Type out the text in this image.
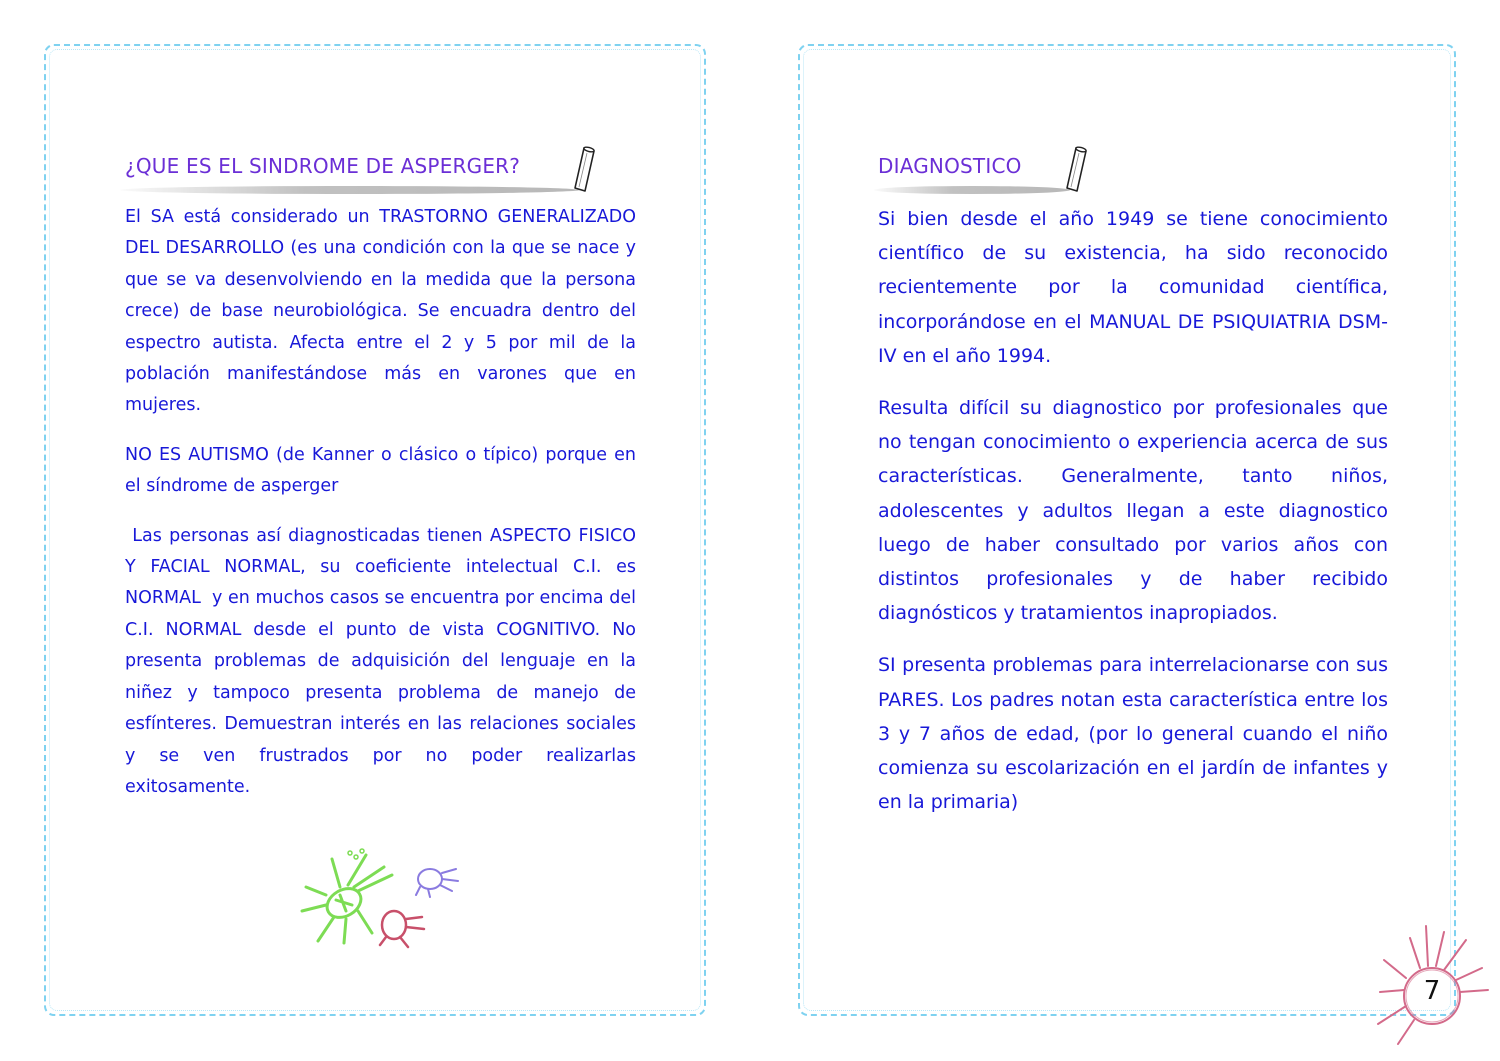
¿QUE ES EL SINDROME DE ASPERGER?	DIAGNOSTICO

El SA está considerado un TRASTORNO GENERALIZADO DEL DESARROLLO (es una condición con la que se nace y que se va desenvolviendo en la medida que la persona crece) de base neurobiológica. Se encuadra dentro del espectro autista. Afecta entre el 2 y 5 por mil de la población manifestándose más en varones que en mujeres.

NO ES AUTISMO (de Kanner o clásico o típico) porque en el síndrome de asperger

Las personas así diagnosticadas tienen ASPECTO FISICO Y FACIAL NORMAL, su coeficiente intelectual C.I. es NORMAL  y en muchos casos se encuentra por encima del C.I. NORMAL desde el punto de vista COGNITIVO. No presenta problemas de adquisición del lenguaje en la niñez y tampoco presenta problema de manejo de esfínteres. Demuestran interés en las relaciones sociales y se ven frustrados por no poder realizarlas exitosamente.

Si bien desde el año 1949 se tiene conocimiento científico de su existencia, ha sido reconocido recientemente por la comunidad científica, incorporándose en el MANUAL DE PSIQUIATRIA DSM-IV en el año 1994.

Resulta difícil su diagnostico por profesionales que no tengan conocimiento o experiencia acerca de sus características. Generalmente, tanto niños, adolescentes y adultos llegan a este diagnostico luego de haber consultado por varios años con distintos profesionales y de haber recibido diagnósticos y tratamientos inapropiados.

SI presenta problemas para interrelacionarse con sus PARES. Los padres notan esta característica entre los 3 y 7 años de edad, (por lo general cuando el niño comienza su escolarización en el jardín de infantes y en la primaria)

7
